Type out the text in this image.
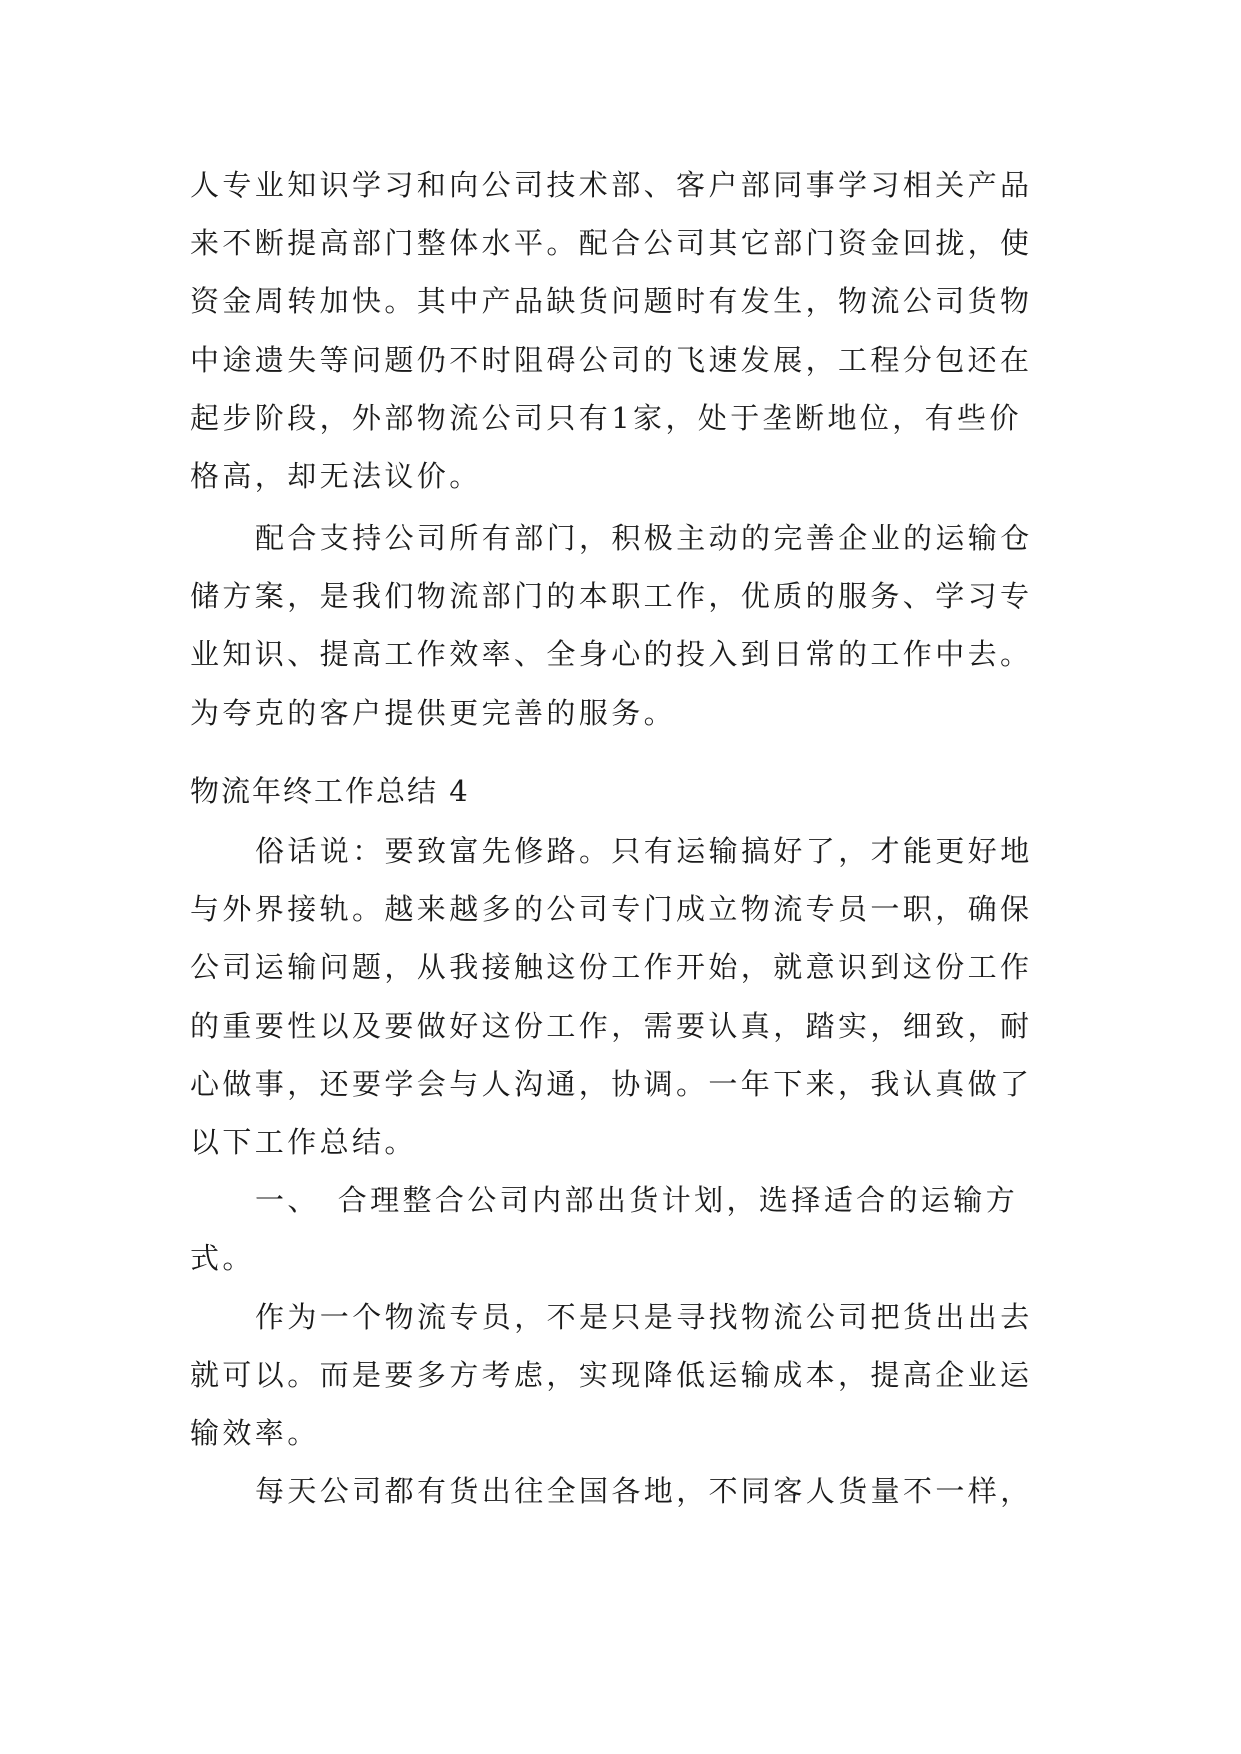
人专业知识学习和向公司技术部、客户部同事学习相关产品来不断提高部门整体水平。配合公司其它部门资金回拢，使资金周转加快。其中产品缺货问题时有发生，物流公司货物中途遗失等问题仍不时阻碍公司的飞速发展，工程分包还在起步阶段，外部物流公司只有1家，处于垄断地位，有些价格高，却无法议价。

配合支持公司所有部门，积极主动的完善企业的运输仓储方案，是我们物流部门的本职工作，优质的服务、学习专业知识、提高工作效率、全身心的投入到日常的工作中去。为夸克的客户提供更完善的服务。

物流年终工作总结 4

俗话说：要致富先修路。只有运输搞好了，才能更好地与外界接轨。越来越多的公司专门成立物流专员一职，确保公司运输问题，从我接触这份工作开始，就意识到这份工作的重要性以及要做好这份工作，需要认真，踏实，细致，耐心做事，还要学会与人沟通，协调。一年下来，我认真做了以下工作总结。

一、　合理整合公司内部出货计划，选择适合的运输方式。

作为一个物流专员，不是只是寻找物流公司把货出出去就可以。而是要多方考虑，实现降低运输成本，提高企业运输效率。

每天公司都有货出往全国各地，不同客人货量不一样，
